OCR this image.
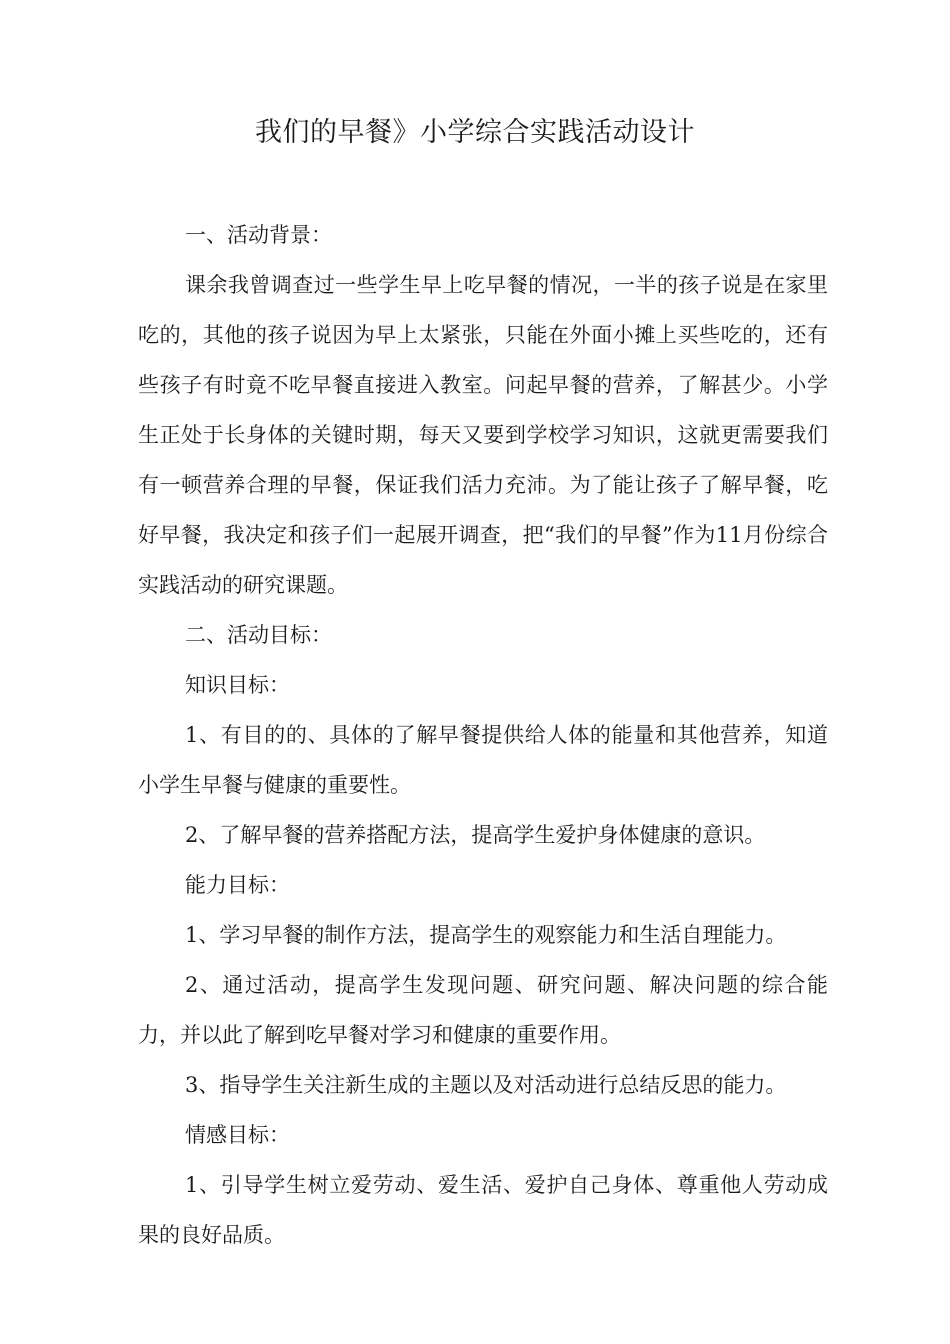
我们的早餐》小学综合实践活动设计

一、活动背景：

课余我曾调查过一些学生早上吃早餐的情况，一半的孩子说是在家里吃的，其他的孩子说因为早上太紧张，只能在外面小摊上买些吃的，还有些孩子有时竟不吃早餐直接进入教室。问起早餐的营养，了解甚少。小学生正处于长身体的关键时期，每天又要到学校学习知识，这就更需要我们有一顿营养合理的早餐，保证我们活力充沛。为了能让孩子了解早餐，吃好早餐，我决定和孩子们一起展开调查，把“我们的早餐”作为11月份综合实践活动的研究课题。

二、活动目标：

知识目标：

1、有目的的、具体的了解早餐提供给人体的能量和其他营养，知道小学生早餐与健康的重要性。

2、了解早餐的营养搭配方法，提高学生爱护身体健康的意识。

能力目标：

1、学习早餐的制作方法，提高学生的观察能力和生活自理能力。

2、通过活动，提高学生发现问题、研究问题、解决问题的综合能力，并以此了解到吃早餐对学习和健康的重要作用。

3、指导学生关注新生成的主题以及对活动进行总结反思的能力。

情感目标：

1、引导学生树立爱劳动、爱生活、爱护自己身体、尊重他人劳动成果的良好品质。
